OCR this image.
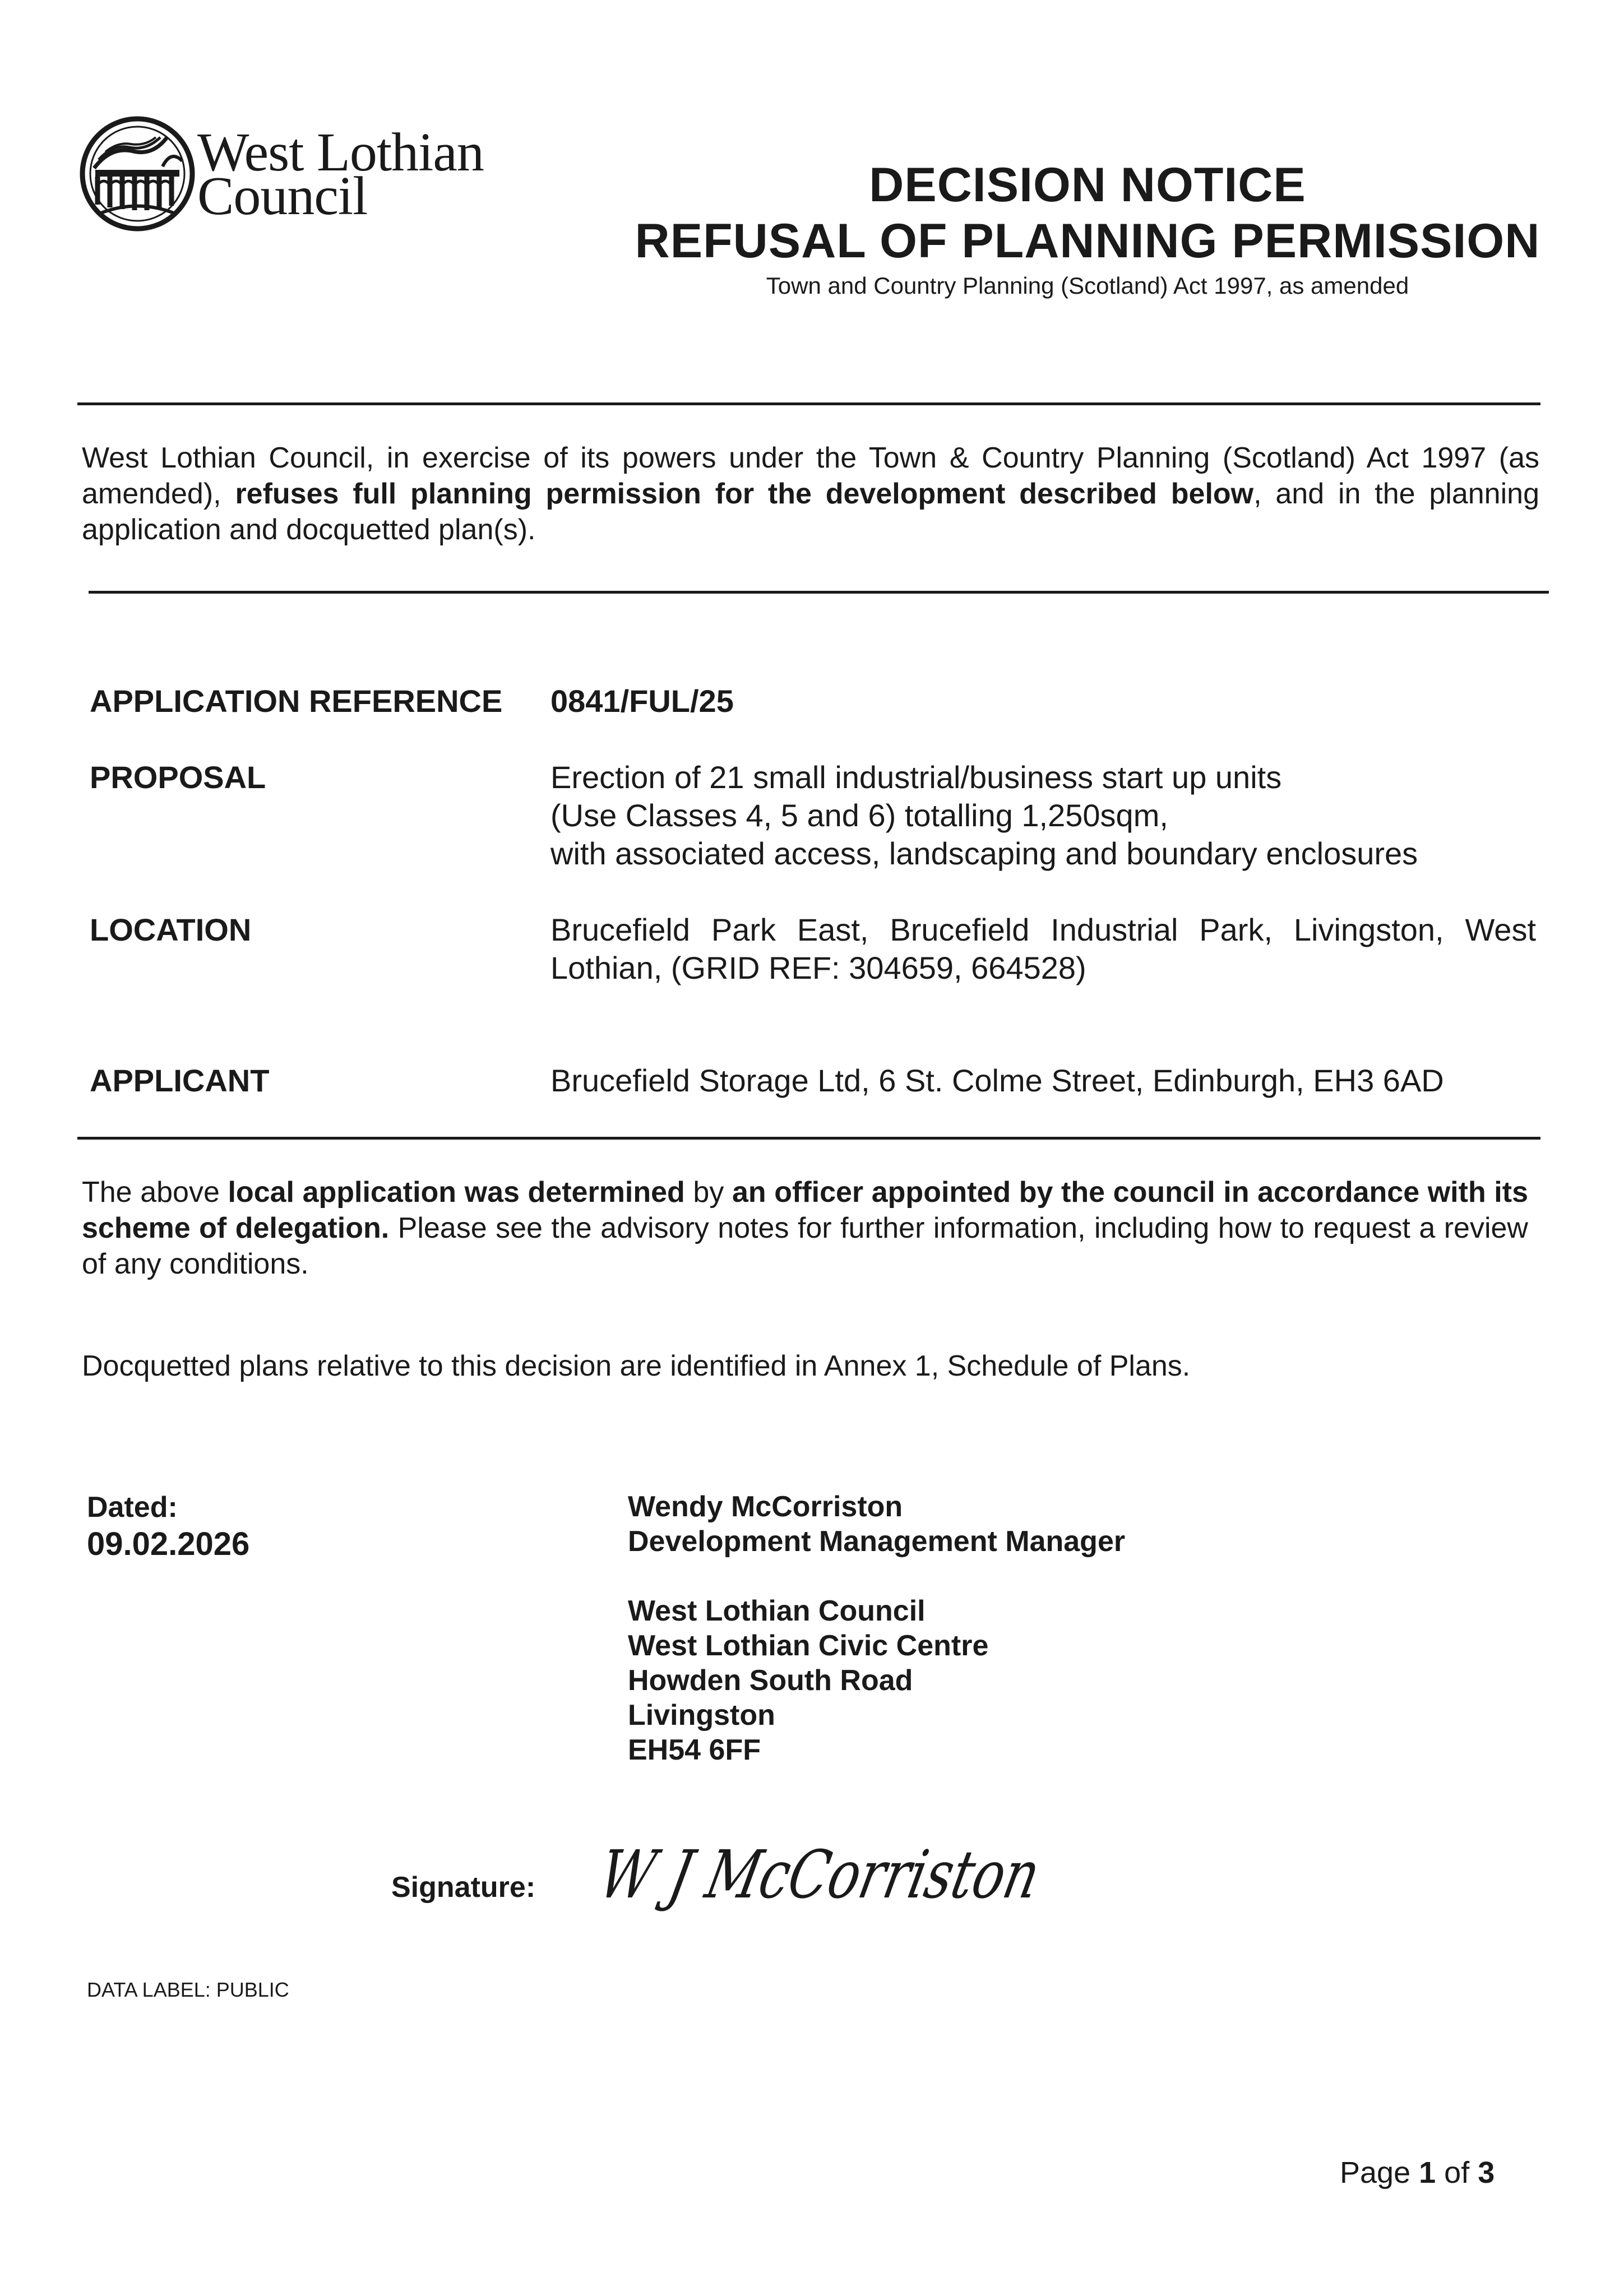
West Lothian
Council	DECISION NOTICE
REFUSAL OF PLANNING PERMISSION
Town and Country Planning (Scotland) Act 1997, as amended
West Lothian Council, in exercise of its powers under the Town & Country Planning (Scotland) Act 1997 (as amended), refuses full planning permission for the development described below, and in the planning application and docquetted plan(s).
APPLICATION REFERENCE 0841/FUL/25
PROPOSAL	Erection of 21 small industrial/business start up units
(Use Classes 4, 5 and 6) totalling 1,250sqm,
with associated access, landscaping and boundary enclosures
LOCATION	Brucefield Park East, Brucefield Industrial Park, Livingston, West Lothian, (GRID REF: 304659, 664528)
APPLICANT	Brucefield Storage Ltd, 6 St. Colme Street, Edinburgh, EH3 6AD
The above local application was determined by an officer appointed by the council in accordance with its scheme of delegation. Please see the advisory notes for further information, including how to request a review of any conditions.
Docquetted plans relative to this decision are identified in Annex 1, Schedule of Plans.
Dated:
09.02.2026
Wendy McCorriston
Development Management Manager
West Lothian Council
West Lothian Civic Centre
Howden South Road
Livingston
EH54 6FF
Signature: W J McCorriston
DATA LABEL: PUBLIC
Page 1 of 3
